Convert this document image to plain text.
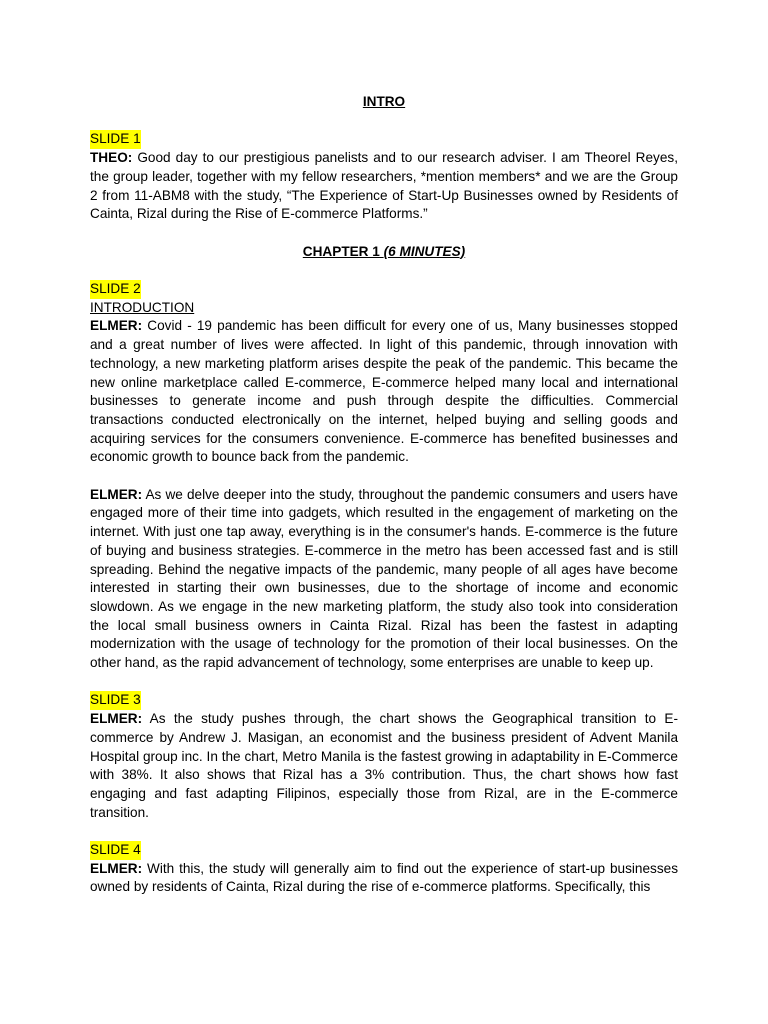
INTRO
SLIDE 1

THEO: Good day to our prestigious panelists and to our research adviser. I am Theorel Reyes, the group leader, together with my fellow researchers, *mention members* and we are the Group 2 from 11-ABM8 with the study, “The Experience of Start-Up Businesses owned by Residents of Cainta, Rizal during the Rise of E-commerce Platforms.”

CHAPTER 1 (6 MINUTES)
SLIDE 2
INTRODUCTION

ELMER: Covid - 19 pandemic has been difficult for every one of us, Many businesses stopped and a great number of lives were affected. In light of this pandemic, through innovation with technology, a new marketing platform arises despite the peak of the pandemic. This became the new online marketplace called E-commerce, E-commerce helped many local and international businesses to generate income and push through despite the difficulties. Commercial transactions conducted electronically on the internet, helped buying and selling goods and acquiring services for the consumers convenience. E-commerce has benefited businesses and economic growth to bounce back from the pandemic.

ELMER: As we delve deeper into the study, throughout the pandemic consumers and users have engaged more of their time into gadgets, which resulted in the engagement of marketing on the internet. With just one tap away, everything is in the consumer's hands. E-commerce is the future of buying and business strategies. E-commerce in the metro has been accessed fast and is still spreading. Behind the negative impacts of the pandemic, many people of all ages have become interested in starting their own businesses, due to the shortage of income and economic slowdown. As we engage in the new marketing platform, the study also took into consideration the local small business owners in Cainta Rizal. Rizal has been the fastest in adapting modernization with the usage of technology for the promotion of their local businesses. On the other hand, as the rapid advancement of technology, some enterprises are unable to keep up.

SLIDE 3

ELMER: As the study pushes through, the chart shows the Geographical transition to E-commerce by Andrew J. Masigan, an economist and the business president of Advent Manila Hospital group inc. In the chart, Metro Manila is the fastest growing in adaptability in E-Commerce with 38%. It also shows that Rizal has a 3% contribution. Thus, the chart shows how fast engaging and fast adapting Filipinos, especially those from Rizal, are in the E-commerce transition.

SLIDE 4

ELMER: With this, the study will generally aim to find out the experience of start-up businesses owned by residents of Cainta, Rizal during the rise of e-commerce platforms. Specifically, this
